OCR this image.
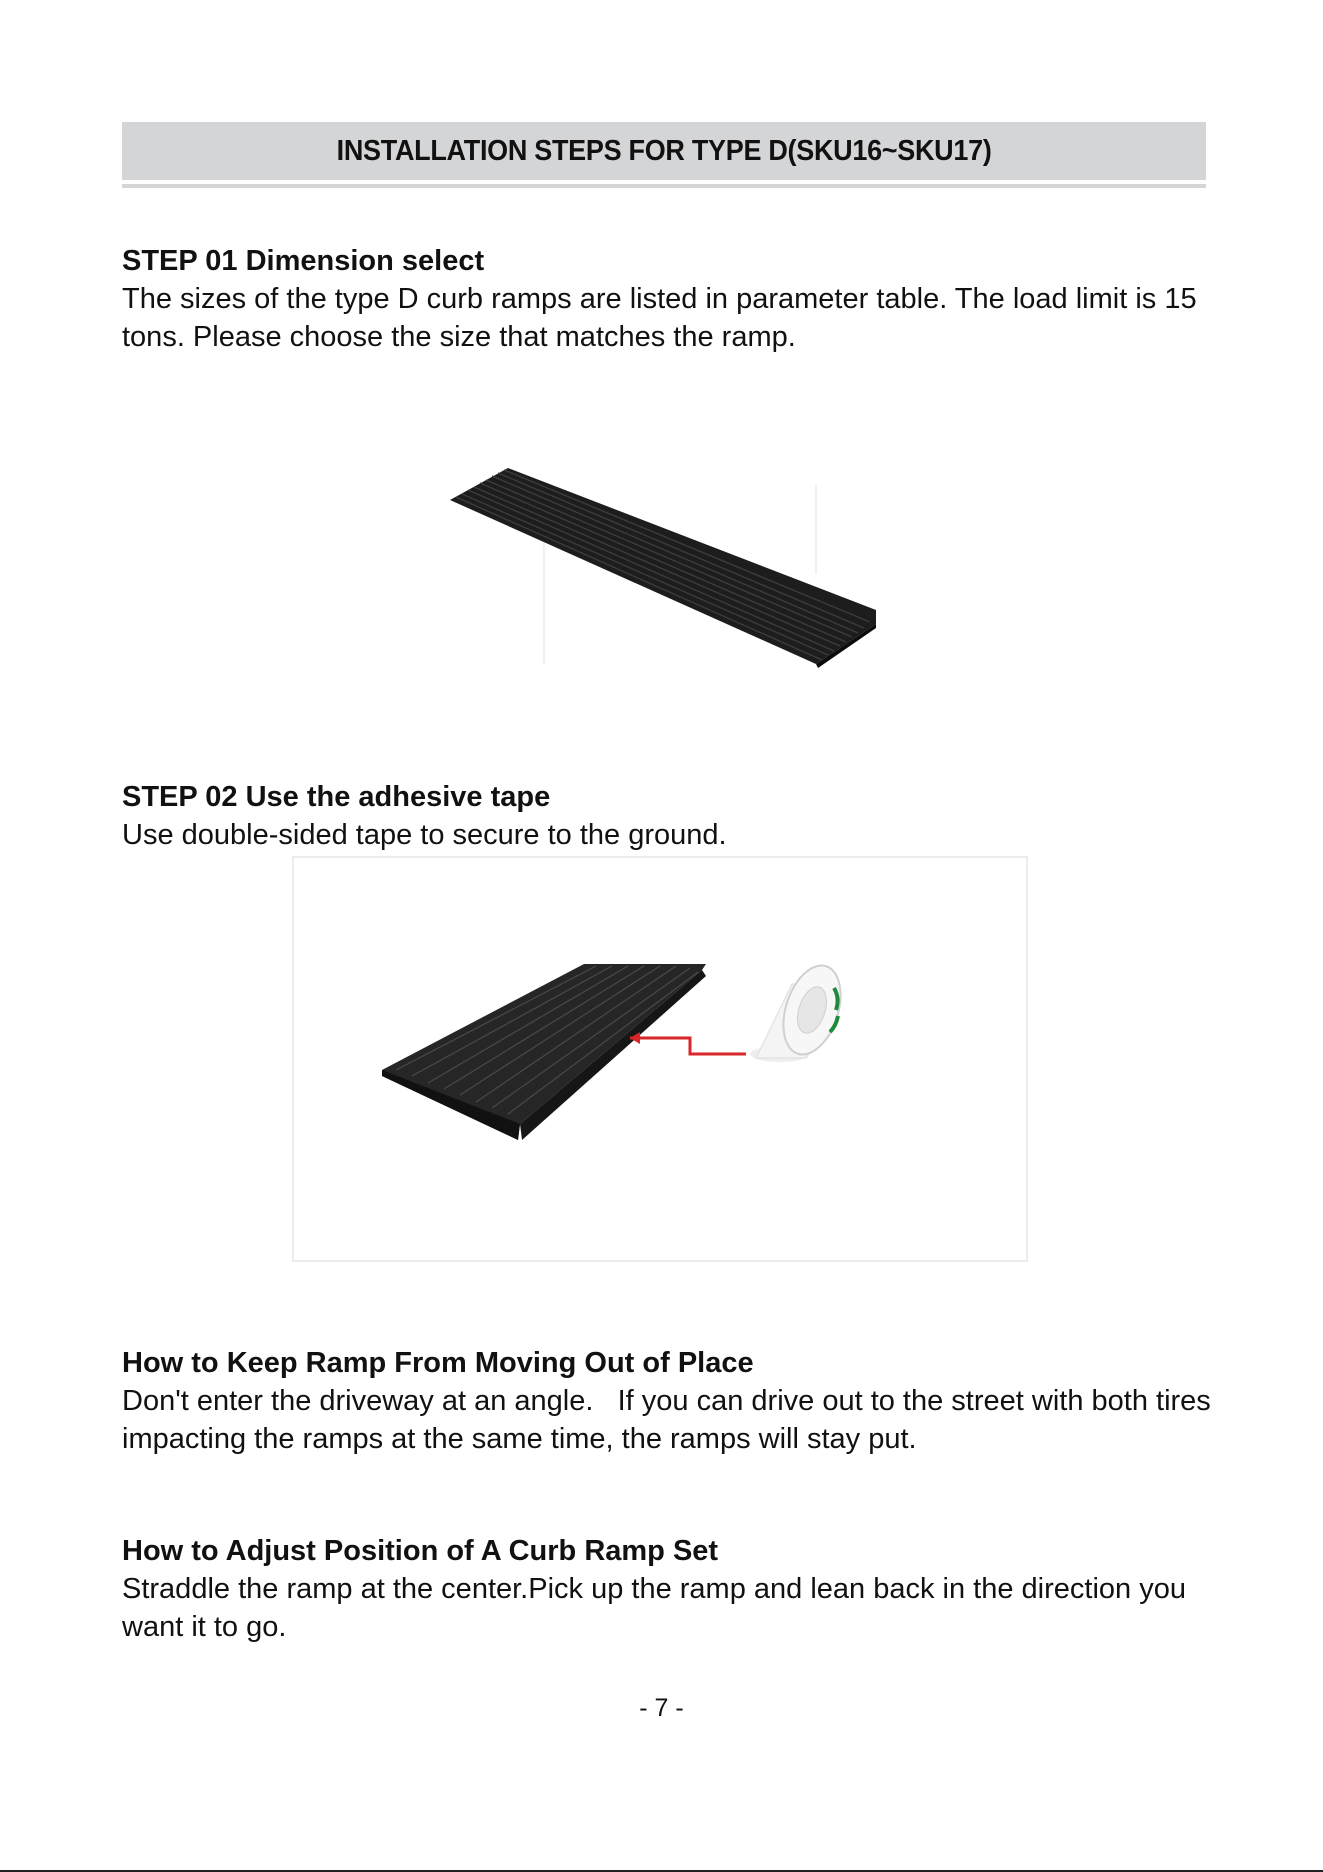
INSTALLATION STEPS FOR TYPE D(SKU16~SKU17)

STEP 01 Dimension select

The sizes of the type D curb ramps are listed in parameter table. The load limit is 15 tons. Please choose the size that matches the ramp.

STEP 02 Use the adhesive tape

Use double-sided tape to secure to the ground.

How to Keep Ramp From Moving Out of Place

Don't enter the driveway at an angle.   If you can drive out to the street with both tires impacting the ramps at the same time, the ramps will stay put.

How to Adjust Position of A Curb Ramp Set

Straddle the ramp at the center.Pick up the ramp and lean back in the direction you want it to go.

- 7 -
